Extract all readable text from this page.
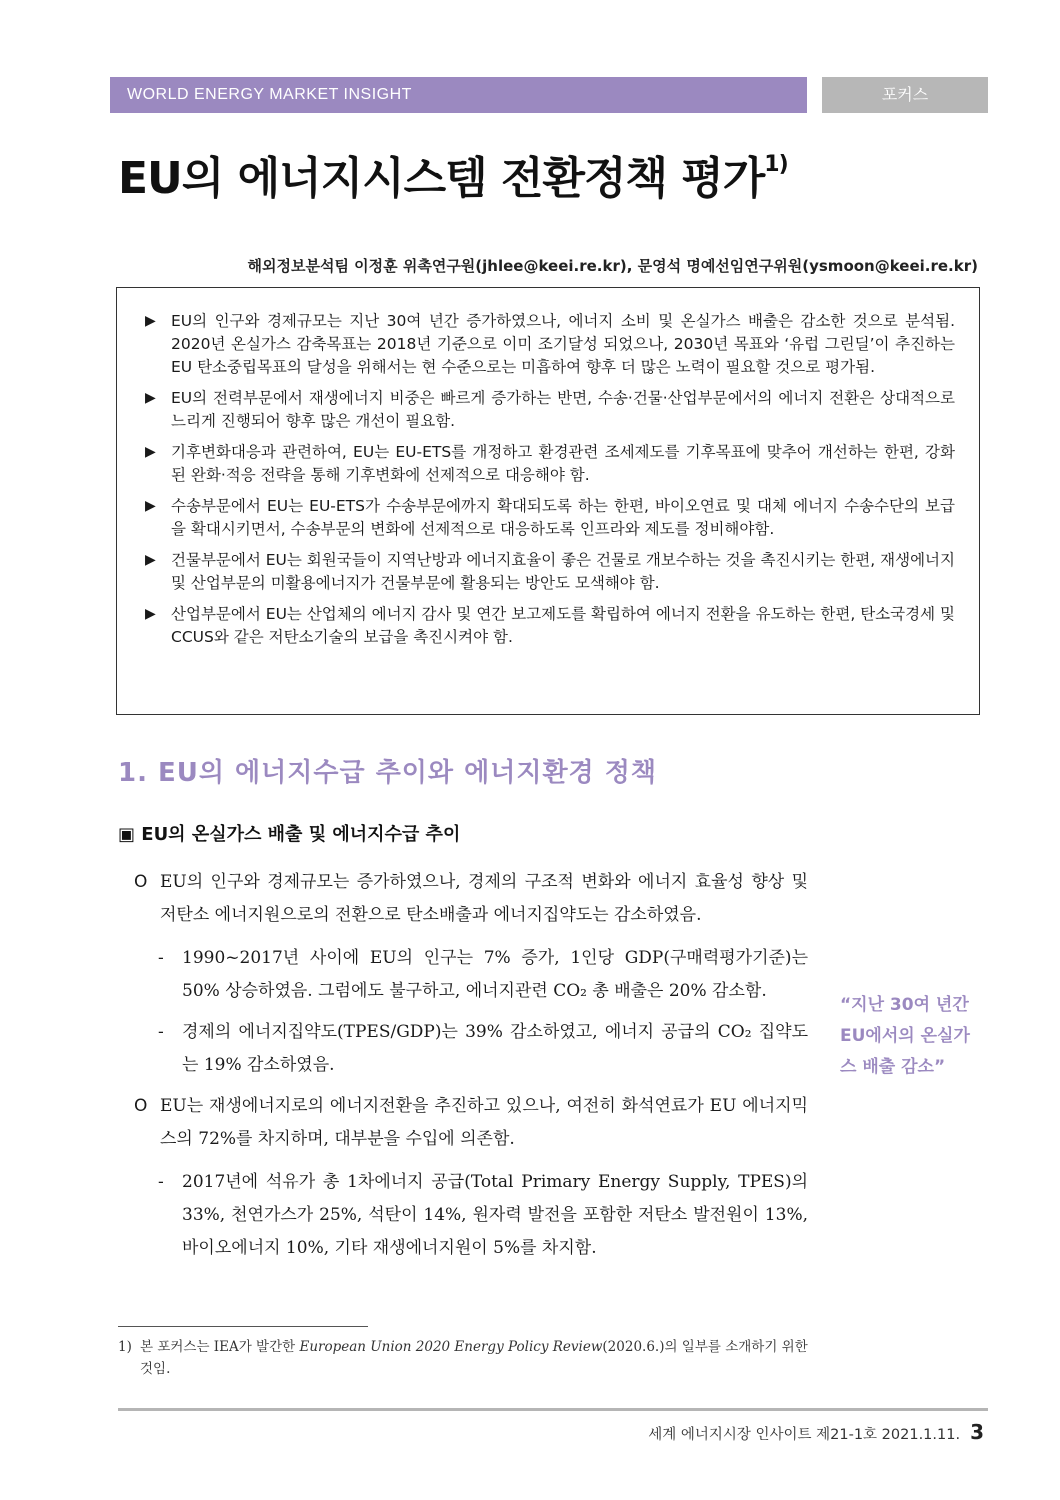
WORLD ENERGY MARKET INSIGHT	포커스
EU의 에너지시스템 전환정책 평가$^{1)}$
해외정보분석팀 이정훈 위촉연구원(jhlee@keei.re.kr), 문영석 명예선임연구위원(ysmoon@keei.re.kr)
▶ EU의 인구와 경제규모는 지난 30여 년간 증가하였으나, 에너지 소비 및 온실가스 배출은 감소한 것으로 분석됨. 2020년 온실가스 감축목표는 2018년 기준으로 이미 조기달성 되었으나, 2030년 목표와 ‘유럽 그린딜’이 추진하는 EU 탄소중립목표의 달성을 위해서는 현 수준으로는 미흡하여 향후 더 많은 노력이 필요할 것으로 평가됨.
▶ EU의 전력부문에서 재생에너지 비중은 빠르게 증가하는 반면, 수송·건물·산업부문에서의 에너지 전환은 상대적으로 느리게 진행되어 향후 많은 개선이 필요함.
▶ 기후변화대응과 관련하여, EU는 EU-ETS를 개정하고 환경관련 조세제도를 기후목표에 맞추어 개선하는 한편, 강화된 완화·적응 전략을 통해 기후변화에 선제적으로 대응해야 함.
▶ 수송부문에서 EU는 EU-ETS가 수송부문에까지 확대되도록 하는 한편, 바이오연료 및 대체 에너지 수송수단의 보급을 확대시키면서, 수송부문의 변화에 선제적으로 대응하도록 인프라와 제도를 정비해야함.
▶ 건물부문에서 EU는 회원국들이 지역난방과 에너지효율이 좋은 건물로 개보수하는 것을 촉진시키는 한편, 재생에너지 및 산업부문의 미활용에너지가 건물부문에 활용되는 방안도 모색해야 함.
▶ 산업부문에서 EU는 산업체의 에너지 감사 및 연간 보고제도를 확립하여 에너지 전환을 유도하는 한편, 탄소국경세 및 CCUS와 같은 저탄소기술의 보급을 촉진시켜야 함.
1. EU의 에너지수급 추이와 에너지환경 정책
▣ EU의 온실가스 배출 및 에너지수급 추이
O EU의 인구와 경제규모는 증가하였으나, 경제의 구조적 변화와 에너지 효율성 향상 및 저탄소 에너지원으로의 전환으로 탄소배출과 에너지집약도는 감소하였음.
- 1990~2017년 사이에 EU의 인구는 7% 증가, 1인당 GDP(구매력평가기준)는 50% 상승하였음. 그럼에도 불구하고, 에너지관련 CO₂ 총 배출은 20% 감소함.
- 경제의 에너지집약도(TPES/GDP)는 39% 감소하였고, 에너지 공급의 CO₂ 집약도는 19% 감소하였음.
O EU는 재생에너지로의 에너지전환을 추진하고 있으나, 여전히 화석연료가 EU 에너지믹스의 72%를 차지하며, 대부분을 수입에 의존함.
- 2017년에 석유가 총 1차에너지 공급(Total Primary Energy Supply, TPES)의 33%, 천연가스가 25%, 석탄이 14%, 원자력 발전을 포함한 저탄소 발전원이 13%, 바이오에너지 10%, 기타 재생에너지원이 5%를 차지함.
“지난 30여 년간 EU에서의 온실가스 배출 감소”
1) 본 포커스는 IEA가 발간한 European Union 2020 Energy Policy Review(2020.6.)의 일부를 소개하기 위한 것임.
세계 에너지시장 인사이트 제21-1호 2021.1.11. 3
